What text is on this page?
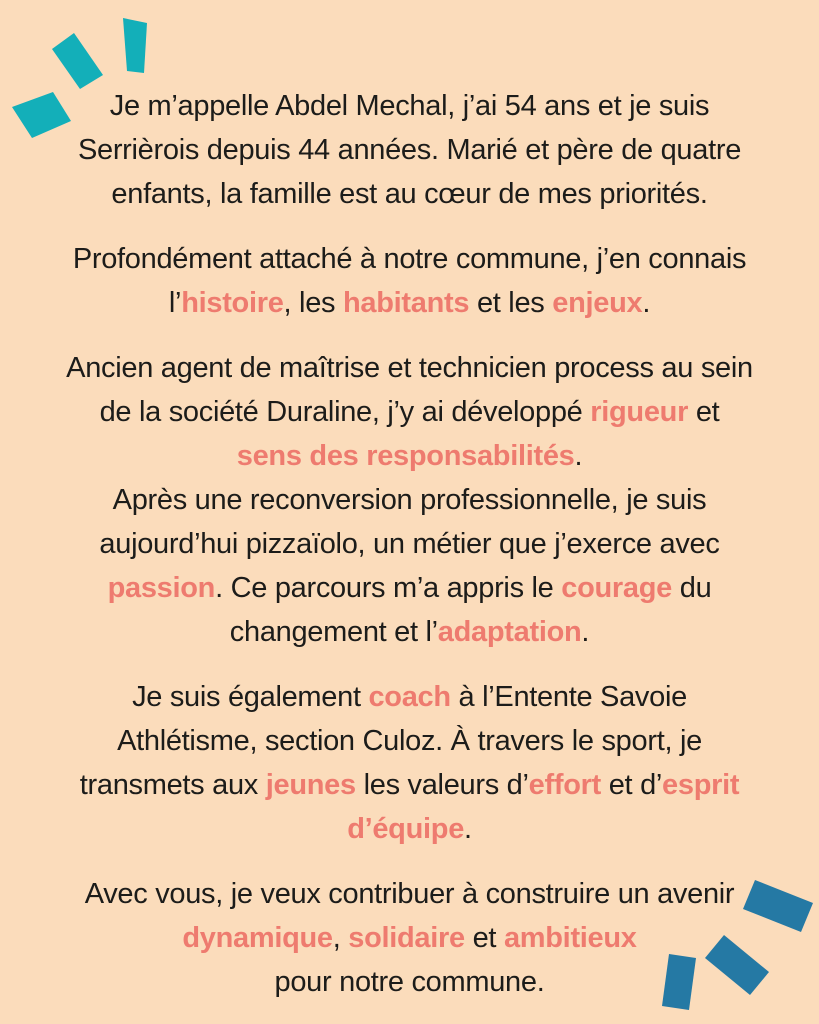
Je m’appelle Abdel Mechal, j’ai 54 ans et je suis
Serrièrois depuis 44 années. Marié et père de quatre
enfants, la famille est au cœur de mes priorités.

Profondément attaché à notre commune, j’en connais
l’histoire, les habitants et les enjeux.

Ancien agent de maîtrise et technicien process au sein
de la société Duraline, j’y ai développé rigueur et
sens des responsabilités.
Après une reconversion professionnelle, je suis
aujourd’hui pizzaïolo, un métier que j’exerce avec
passion. Ce parcours m’a appris le courage du
changement et l’adaptation.

Je suis également coach à l’Entente Savoie
Athlétisme, section Culoz. À travers le sport, je
transmets aux jeunes les valeurs d’effort et d’esprit
d’équipe.

Avec vous, je veux contribuer à construire un avenir
dynamique, solidaire et ambitieux
pour notre commune.
